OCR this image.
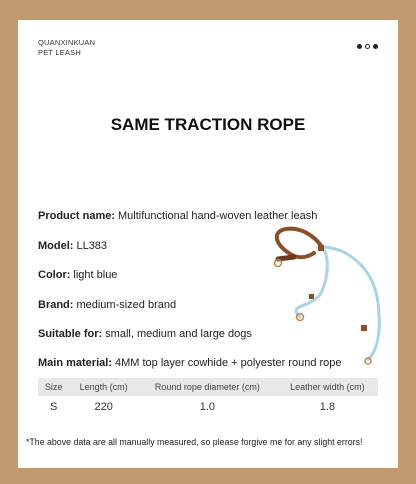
QUANXINKUAN
PET LEASH
SAME TRACTION ROPE
Product name: Multifunctional hand-woven leather leash
Model: LL383
Color: light blue
Brand: medium-sized brand
Suitable for: small, medium and large dogs
Main material: 4MM top layer cowhide + polyester round rope
Size	Length (cm)	Round rope diameter (cm)	Leather width (cm)
S	220	1.0	1.8
*The above data are all manually measured, so please forgive me for any slight errors!
